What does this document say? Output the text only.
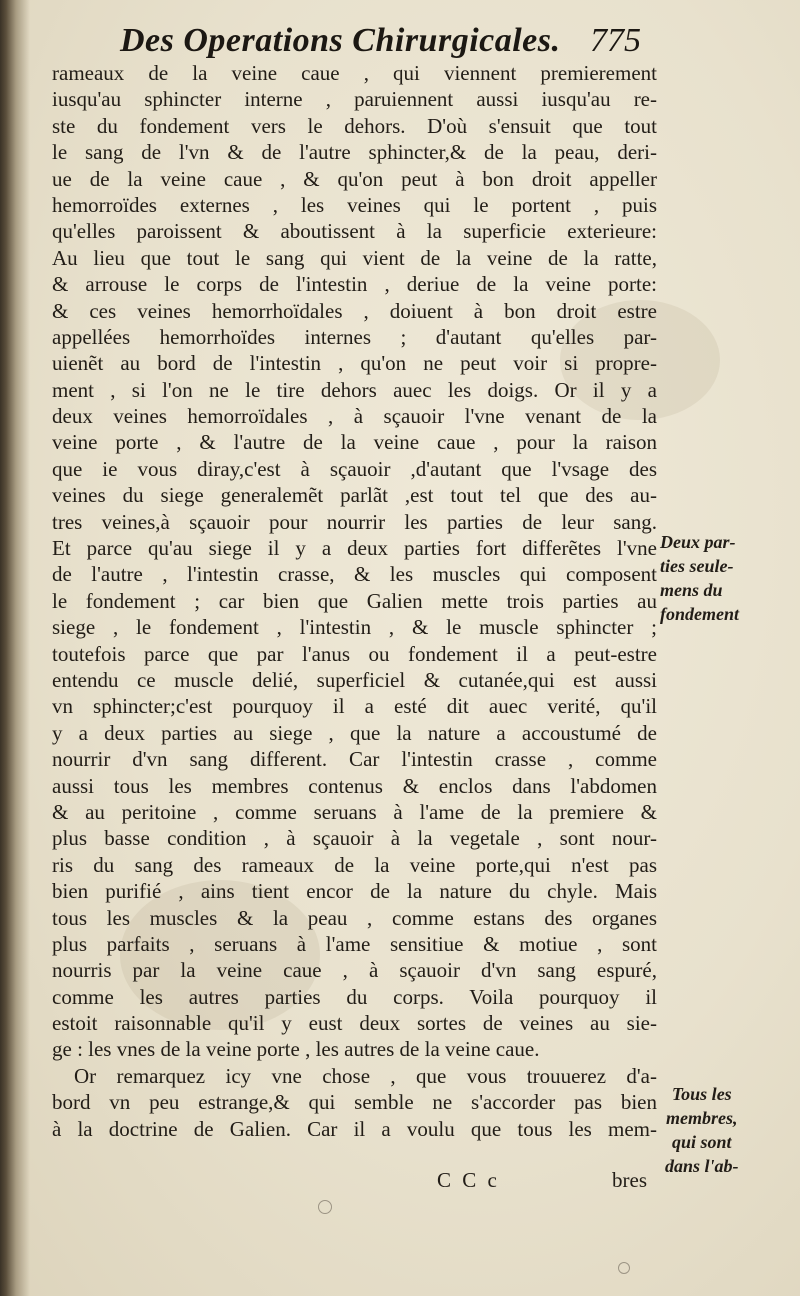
Des Operations Chirurgicales. 775
rameaux de la veine caue , qui viennent premierement
iusqu'au sphincter interne , paruiennent aussi iusqu'au re-
ste du fondement vers le dehors. D'où s'ensuit que tout
le sang de l'vn & de l'autre sphincter,& de la peau, deri-
ue de la veine caue , & qu'on peut à bon droit appeller
hemorroïdes externes , les veines qui le portent , puis
qu'elles paroissent & aboutissent à la superficie exterieure:
Au lieu que tout le sang qui vient de la veine de la ratte,
& arrouse le corps de l'intestin , deriue de la veine porte:
& ces veines hemorrhoïdales , doiuent à bon droit estre
appellées hemorrhoïdes internes ; d'autant qu'elles par-
uienẽt au bord de l'intestin , qu'on ne peut voir si propre-
ment , si l'on ne le tire dehors auec les doigs. Or il y a
deux veines hemorroïdales , à sçauoir l'vne venant de la
veine porte , & l'autre de la veine caue , pour la raison
que ie vous diray,c'est à sçauoir ,d'autant que l'vsage des
veines du siege generalemẽt parlãt ,est tout tel que des au-
tres veines,à sçauoir pour nourrir les parties de leur sang.
Et parce qu'au siege il y a deux parties fort differẽtes l'vne
de l'autre , l'intestin crasse, & les muscles qui composent
le fondement ; car bien que Galien mette trois parties au
siege , le fondement , l'intestin , & le muscle sphincter ;
toutefois parce que par l'anus ou fondement il a peut-estre
entendu ce muscle delié, superficiel & cutanée,qui est aussi
vn sphincter;c'est pourquoy il a esté dit auec verité, qu'il
y a deux parties au siege , que la nature a accoustumé de
nourrir d'vn sang different. Car l'intestin crasse , comme
aussi tous les membres contenus & enclos dans l'abdomen
& au peritoine , comme seruans à l'ame de la premiere &
plus basse condition , à sçauoir à la vegetale , sont nour-
ris du sang des rameaux de la veine porte,qui n'est pas
bien purifié , ains tient encor de la nature du chyle. Mais
tous les muscles & la peau , comme estans des organes
plus parfaits , seruans à l'ame sensitiue & motiue , sont
nourris par la veine caue , à sçauoir d'vn sang espuré,
comme les autres parties du corps. Voila pourquoy il
estoit raisonnable qu'il y eust deux sortes de veines au sie-
ge : les vnes de la veine porte , les autres de la veine caue.
Or remarquez icy vne chose , que vous trouuerez d'a-
bord vn peu estrange,& qui semble ne s'accorder pas bien
à la doctrine de Galien. Car il a voulu que tous les mem-
C C c	bres
Deux par-
ties seule-
mens du
fondement
Tous les
membres,
qui sont
dans l'ab-
